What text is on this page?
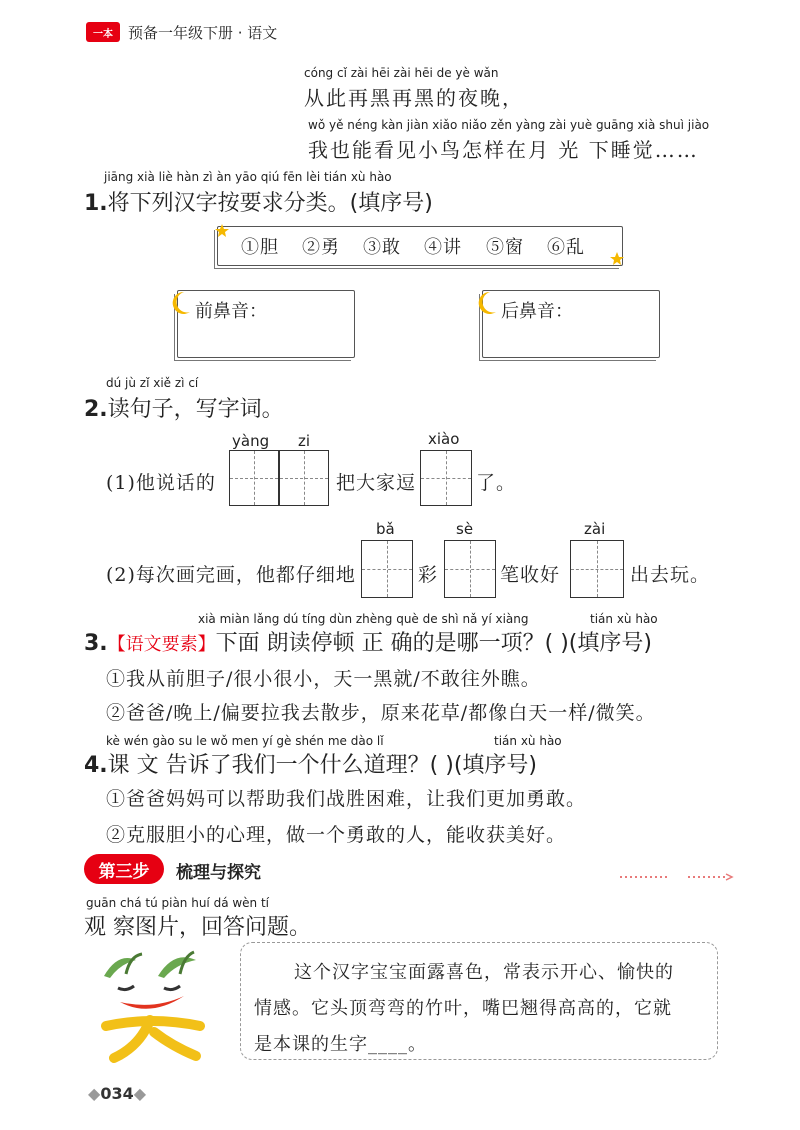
一本	预备一年级下册 · 语文
cóng cǐ zài hēi zài hēi de yè wǎn
从此再黑再黑的夜晚，
wǒ yě néng kàn jiàn xiǎo niǎo zěn yàng zài yuè guāng xià shuì jiào
我也能看见小鸟怎样在月 光 下睡觉……
jiāng xià liè hàn zì àn yāo qiú fēn lèi tián xù hào
1.将下列汉字按要求分类。(填序号)
①胆 ②勇 ③敢 ④讲 ⑤窗 ⑥乱
前鼻音：	后鼻音：
dú jù zǐ xiě zì cí
2.读句子，写字词。
yàng zi	xiào
(1)他说话的	把大家逗	了。
bǎ	sè	zài
(2)每次画完画，他都仔细地	彩	笔收好	出去玩。
xià miàn lǎng dú tíng dùn zhèng què de shì nǎ yí xiàng	tián xù hào
3.【语文要素】下面 朗读停顿 正 确的是哪一项？( )(填序号)
①我从前胆子/很小很小，天一黑就/不敢往外瞧。
②爸爸/晚上/偏要拉我去散步，原来花草/都像白天一样/微笑。
kè wén gào su le wǒ men yí gè shén me dào lǐ	tián xù hào
4.课 文 告诉了我们一个什么道理？( )(填序号)
①爸爸妈妈可以帮助我们战胜困难，让我们更加勇敢。
②克服胆小的心理，做一个勇敢的人，能收获美好。
第三步	梳理与探究
guān chá tú piàn huí dá wèn tí
观 察图片，回答问题。
这个汉字宝宝面露喜色，常表示开心、愉快的
情感。它头顶弯弯的竹叶，嘴巴翘得高高的，它就
是本课的生字____。
◆034◆
